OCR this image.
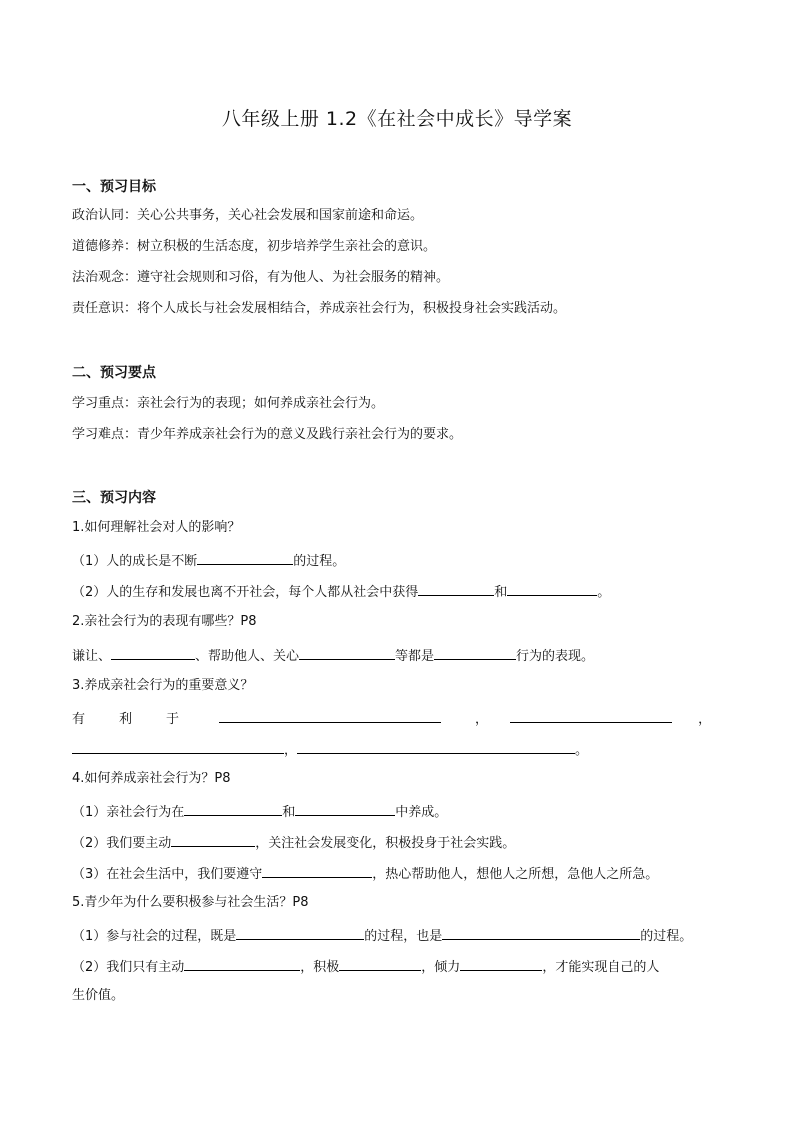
八年级上册 1.2《在社会中成长》导学案
一、预习目标
政治认同：关心公共事务，关心社会发展和国家前途和命运。
道德修养：树立积极的生活态度，初步培养学生亲社会的意识。
法治观念：遵守社会规则和习俗，有为他人、为社会服务的精神。
责任意识：将个人成长与社会发展相结合，养成亲社会行为，积极投身社会实践活动。
二、预习要点
学习重点：亲社会行为的表现；如何养成亲社会行为。
学习难点：青少年养成亲社会行为的意义及践行亲社会行为的要求。
三、预习内容
1.如何理解社会对人的影响？
（1）人的成长是不断	的过程。
（2）人的生存和发展也离不开社会，每个人都从社会中获得	和	。
2.亲社会行为的表现有哪些？P8
谦让、	、帮助他人、关心	等都是	行为的表现。
3.养成亲社会行为的重要意义？
有	利	于	，	，
，	。
4.如何养成亲社会行为？P8
（1）亲社会行为在	和	中养成。
（2）我们要主动	，关注社会发展变化，积极投身于社会实践。
（3）在社会生活中，我们要遵守	，热心帮助他人，想他人之所想，急他人之所急。
5.青少年为什么要积极参与社会生活？P8
（1）参与社会的过程，既是	的过程，也是	的过程。
（2）我们只有主动	，积极	，倾力	，才能实现自己的人
生价值。
